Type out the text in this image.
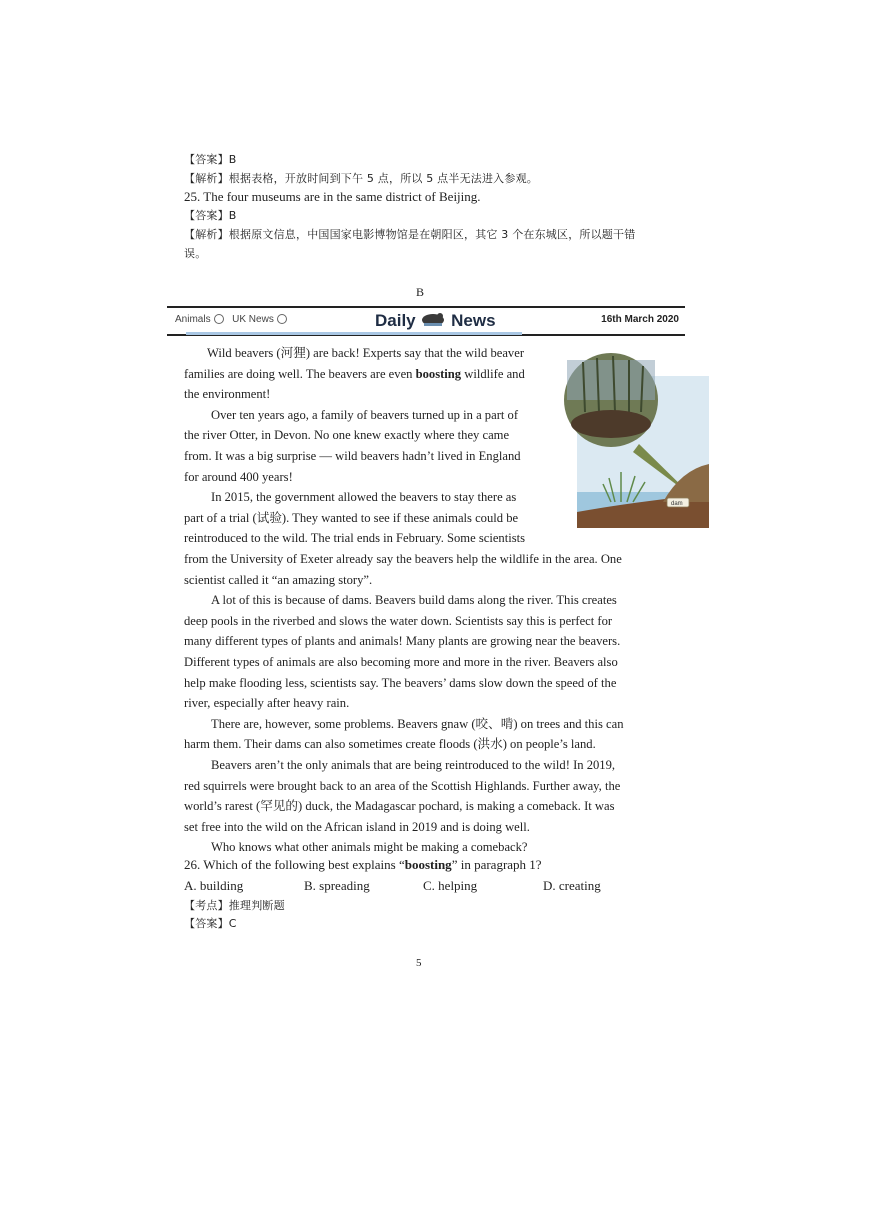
【答案】B
【解析】根据表格，开放时间到下午 5 点，所以 5 点半无法进入参观。
25. The four museums are in the same district of Beijing.
【答案】B
【解析】根据原文信息，中国国家电影博物馆是在朝阳区，其它 3 个在东城区，所以题干错
误。
B
Animals UK News	Daily News	16th March 2020
dam

Wild beavers (河狸) are back! Experts say that the wild beaver

families are doing well. The beavers are even boosting wildlife and

the environment!

Over ten years ago, a family of beavers turned up in a part of

the river Otter, in Devon. No one knew exactly where they came

from. It was a big surprise — wild beavers hadn’t lived in England

for around 400 years!

In 2015, the government allowed the beavers to stay there as

part of a trial (试验). They wanted to see if these animals could be

reintroduced to the wild. The trial ends in February. Some scientists

from the University of Exeter already say the beavers help the wildlife in the area. One

scientist called it “an amazing story”.

A lot of this is because of dams. Beavers build dams along the river. This creates

deep pools in the riverbed and slows the water down. Scientists say this is perfect for

many different types of plants and animals! Many plants are growing near the beavers.

Different types of animals are also becoming more and more in the river. Beavers also

help make flooding less, scientists say. The beavers’ dams slow down the speed of the

river, especially after heavy rain.

There are, however, some problems. Beavers gnaw (咬、啃) on trees and this can

harm them. Their dams can also sometimes create floods (洪水) on people’s land.

Beavers aren’t the only animals that are being reintroduced to the wild! In 2019,

red squirrels were brought back to an area of the Scottish Highlands. Further away, the

world’s rarest (罕见的) duck, the Madagascar pochard, is making a comeback. It was

set free into the wild on the African island in 2019 and is doing well.

Who knows what other animals might be making a comeback?

26. Which of the following best explains “boosting” in paragraph 1?
A. building	B. spreading	C. helping	D. creating
【考点】推理判断题
【答案】C
5
